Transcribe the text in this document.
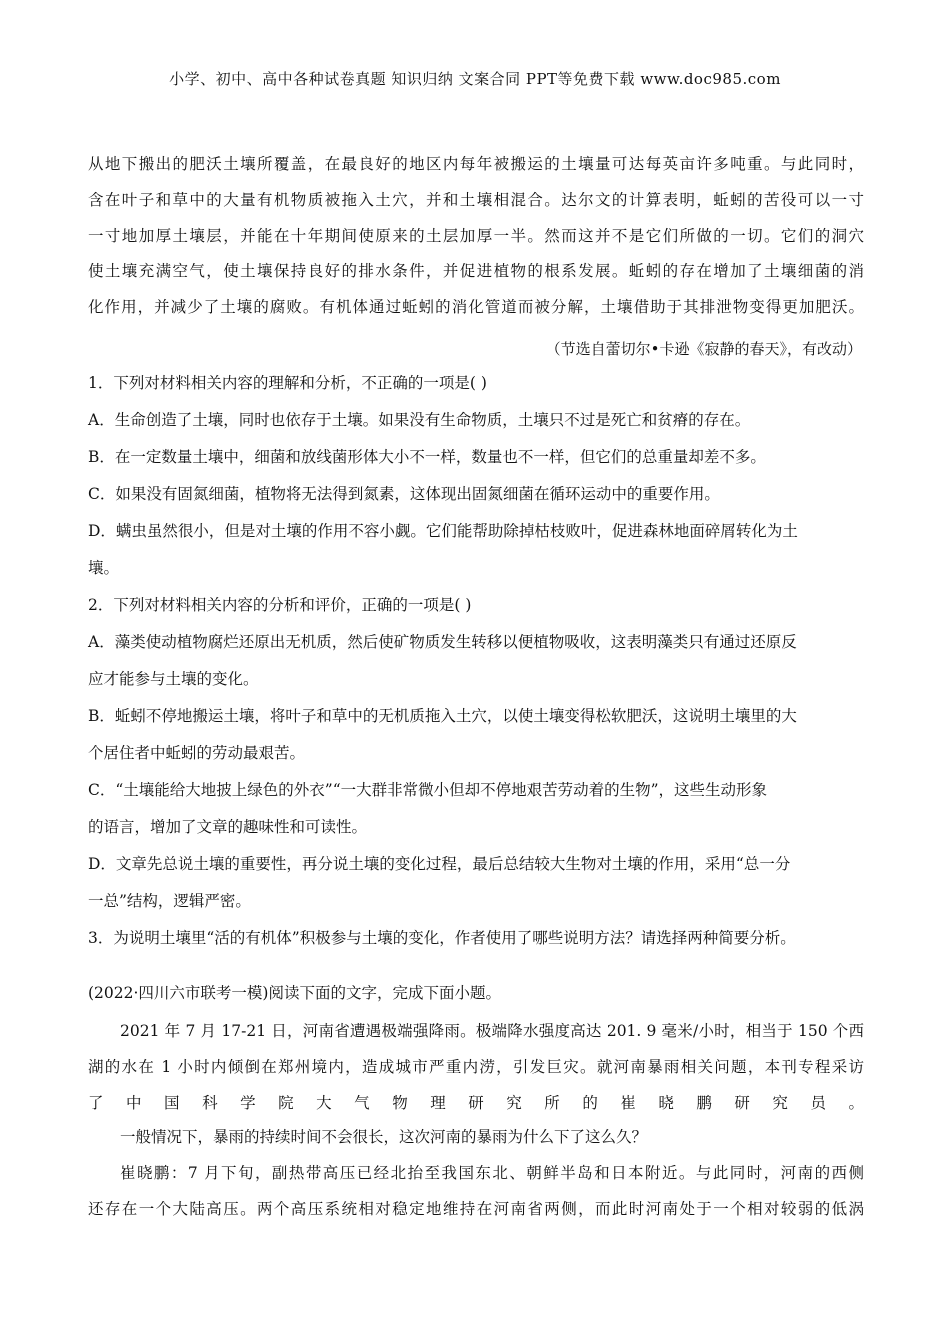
小学、初中、高中各种试卷真题 知识归纳 文案合同 PPT等免费下载 www.doc985.com
从地下搬出的肥沃土壤所覆盖，在最良好的地区内每年被搬运的土壤量可达每英亩许多吨重。与此同时，
含在叶子和草中的大量有机物质被拖入土穴，并和土壤相混合。达尔文的计算表明，蚯蚓的苦役可以一寸
一寸地加厚土壤层，并能在十年期间使原来的土层加厚一半。然而这并不是它们所做的一切。它们的洞穴
使土壤充满空气，使土壤保持良好的排水条件，并促进植物的根系发展。蚯蚓的存在增加了土壤细菌的消
化作用，并减少了土壤的腐败。有机体通过蚯蚓的消化管道而被分解，土壤借助于其排泄物变得更加肥沃。
（节选自蕾切尔•卡逊《寂静的春天》，有改动）
1．下列对材料相关内容的理解和分析，不正确的一项是( )
A．生命创造了土壤，同时也依存于土壤。如果没有生命物质，土壤只不过是死亡和贫瘠的存在。
B．在一定数量土壤中，细菌和放线菌形体大小不一样，数量也不一样，但它们的总重量却差不多。
C．如果没有固氮细菌，植物将无法得到氮素，这体现出固氮细菌在循环运动中的重要作用。
D．螨虫虽然很小，但是对土壤的作用不容小觑。它们能帮助除掉枯枝败叶，促进森林地面碎屑转化为土
壤。
2．下列对材料相关内容的分析和评价，正确的一项是( )
A．藻类使动植物腐烂还原出无机质，然后使矿物质发生转移以便植物吸收，这表明藻类只有通过还原反
应才能参与土壤的变化。
B．蚯蚓不停地搬运土壤，将叶子和草中的无机质拖入土穴，以使土壤变得松软肥沃，这说明土壤里的大
个居住者中蚯蚓的劳动最艰苦。
C．“土壤能给大地披上绿色的外衣”“一大群非常微小但却不停地艰苦劳动着的生物”，这些生动形象
的语言，增加了文章的趣味性和可读性。
D．文章先总说土壤的重要性，再分说土壤的变化过程，最后总结较大生物对土壤的作用，采用“总一分
一总”结构，逻辑严密。
3．为说明土壤里“活的有机体”积极参与土壤的变化，作者使用了哪些说明方法？请选择两种简要分析。
(2022·四川六市联考一模)阅读下面的文字，完成下面小题。
2021 年 7 月 17-21 日，河南省遭遇极端强降雨。极端降水强度高达 201. 9 毫米/小时，相当于 150 个西
湖的水在 1 小时内倾倒在郑州境内，造成城市严重内涝，引发巨灾。就河南暴雨相关问题，本刊专程采访
了中国科学院大气物理研究所的崔晓鹏研究员。
一般情况下，暴雨的持续时间不会很长，这次河南的暴雨为什么下了这么久？
崔晓鹏：7 月下旬，副热带高压已经北抬至我国东北、朝鲜半岛和日本附近。与此同时，河南的西侧
还存在一个大陆高压。两个高压系统相对稳定地维持在河南省两侧，而此时河南处于一个相对较弱的低涡
